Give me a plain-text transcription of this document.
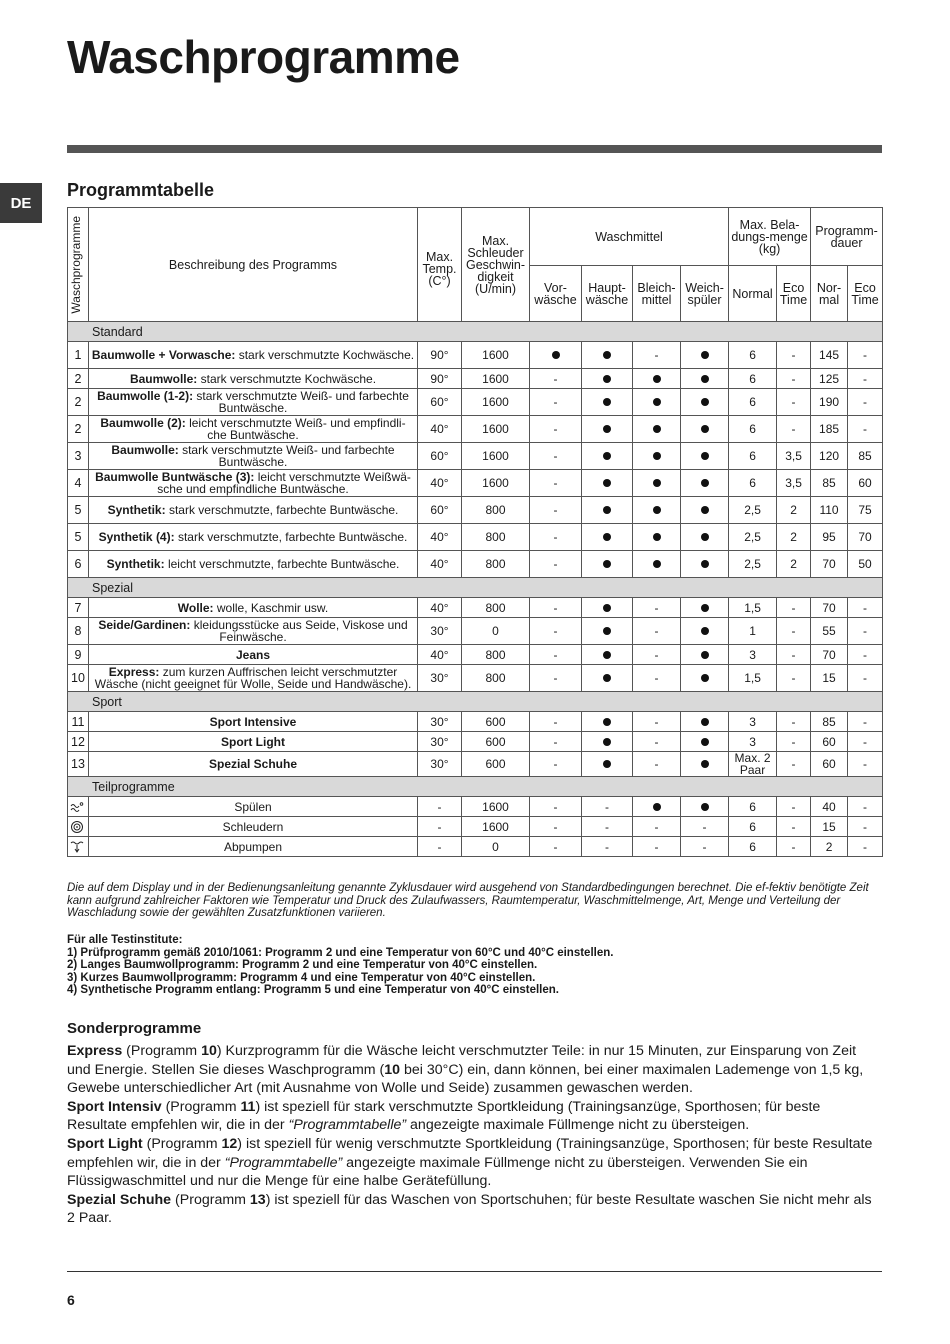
Waschprogramme
DE
Programmtabelle
Waschprogramme	Beschreibung des Programms	Max. Temp. (C°)	Max. Schleuder Geschwin-digkeit (U/min)	Waschmittel				Max. Bela-dungs-menge (kg)		Programm-dauer	
				Vor-wäsche	Haupt-wäsche	Bleich-mittel	Weich-spüler	Normal	Eco Time	Nor-mal	Eco Time
Standard											
1	Baumwolle + Vorwasche: stark verschmutzte Kochwäsche.	90°	1600			-		6	-	145	-
2	Baumwolle: stark verschmutzte Kochwäsche.	90°	1600	-				6	-	125	-
2	Baumwolle (1-2): stark verschmutzte Weiß- und farbechte Buntwäsche.	60°	1600	-				6	-	190	-
2	Baumwolle (2): leicht verschmutzte Weiß- und empfindli-che Buntwäsche.	40°	1600	-				6	-	185	-
3	Baumwolle: stark verschmutzte Weiß- und farbechte Buntwäsche.	60°	1600	-				6	3,5	120	85
4	Baumwolle Buntwäsche (3): leicht verschmutzte Weißwä-sche und empfindliche Buntwäsche.	40°	1600	-				6	3,5	85	60
5	Synthetik: stark verschmutzte, farbechte Buntwäsche.	60°	800	-				2,5	2	110	75
5	Synthetik (4): stark verschmutzte, farbechte Buntwäsche.	40°	800	-				2,5	2	95	70
6	Synthetik: leicht verschmutzte, farbechte Buntwäsche.	40°	800	-				2,5	2	70	50
Spezial											
7	Wolle: wolle, Kaschmir usw.	40°	800	-		-		1,5	-	70	-
8	Seide/Gardinen: kleidungsstücke aus Seide, Viskose und Feinwäsche.	30°	0	-		-		1	-	55	-
9	Jeans	40°	800	-		-		3	-	70	-
10	Express: zum kurzen Auffrischen leicht verschmutzter Wäsche (nicht geeignet für Wolle, Seide und Handwäsche).	30°	800	-		-		1,5	-	15	-
Sport											
11	Sport Intensive	30°	600	-		-		3	-	85	-
12	Sport Light	30°	600	-		-		3	-	60	-
13	Spezial Schuhe	30°	600	-		-		Max. 2 Paar	-	60	-
Teilprogramme											
	Spülen	-	1600	-	-			6	-	40	-
	Schleudern	-	1600	-	-	-	-	6	-	15	-
	Abpumpen	-	0	-	-	-	-	6	-	2	-

Die auf dem Display und in der Bedienungsanleitung genannte Zyklusdauer wird ausgehend von Standardbedingungen berechnet. Die ef-fektiv benötigte Zeit kann aufgrund zahlreicher Faktoren wie Temperatur und Druck des Zulaufwassers, Raumtemperatur, Waschmittelmenge, Art, Menge und Verteilung der Waschladung sowie der gewählten Zusatzfunktionen variieren.

Für alle Testinstitute:
1) Prüfprogramm gemäß 2010/1061: Programm 2 und eine Temperatur von 60°C und 40°C einstellen.
2) Langes Baumwollprogramm: Programm 2 und eine Temperatur von 40°C einstellen.
3) Kurzes Baumwollprogramm: Programm 4 und eine Temperatur von 40°C einstellen.
4) Synthetische Programm entlang: Programm 5 und eine Temperatur von 40°C einstellen.
Sonderprogramme

Express (Programm 10) Kurzprogramm für die Wäsche leicht verschmutzter Teile: in nur 15 Minuten, zur Einsparung von Zeit und Energie. Stellen Sie dieses Waschprogramm (10 bei 30°C) ein, dann können, bei einer maximalen Lademenge von 1,5 kg, Gewebe unterschiedlicher Art (mit Ausnahme von Wolle und Seide) zusammen gewaschen werden.

Sport Intensiv (Programm 11) ist speziell für stark verschmutzte Sportkleidung (Trainingsanzüge, Sporthosen; für beste Resultate empfehlen wir, die in der “Programmtabelle” angezeigte maximale Füllmenge nicht zu übersteigen.

Sport Light (Programm 12) ist speziell für wenig verschmutzte Sportkleidung (Trainingsanzüge, Sporthosen; für beste Resultate empfehlen wir, die in der “Programmtabelle” angezeigte maximale Füllmenge nicht zu übersteigen. Verwenden Sie ein Flüssigwaschmittel und nur die Menge für eine halbe Gerätefüllung.

Spezial Schuhe (Programm 13) ist speziell für das Waschen von Sportschuhen; für beste Resultate waschen Sie nicht mehr als 2 Paar.

6
